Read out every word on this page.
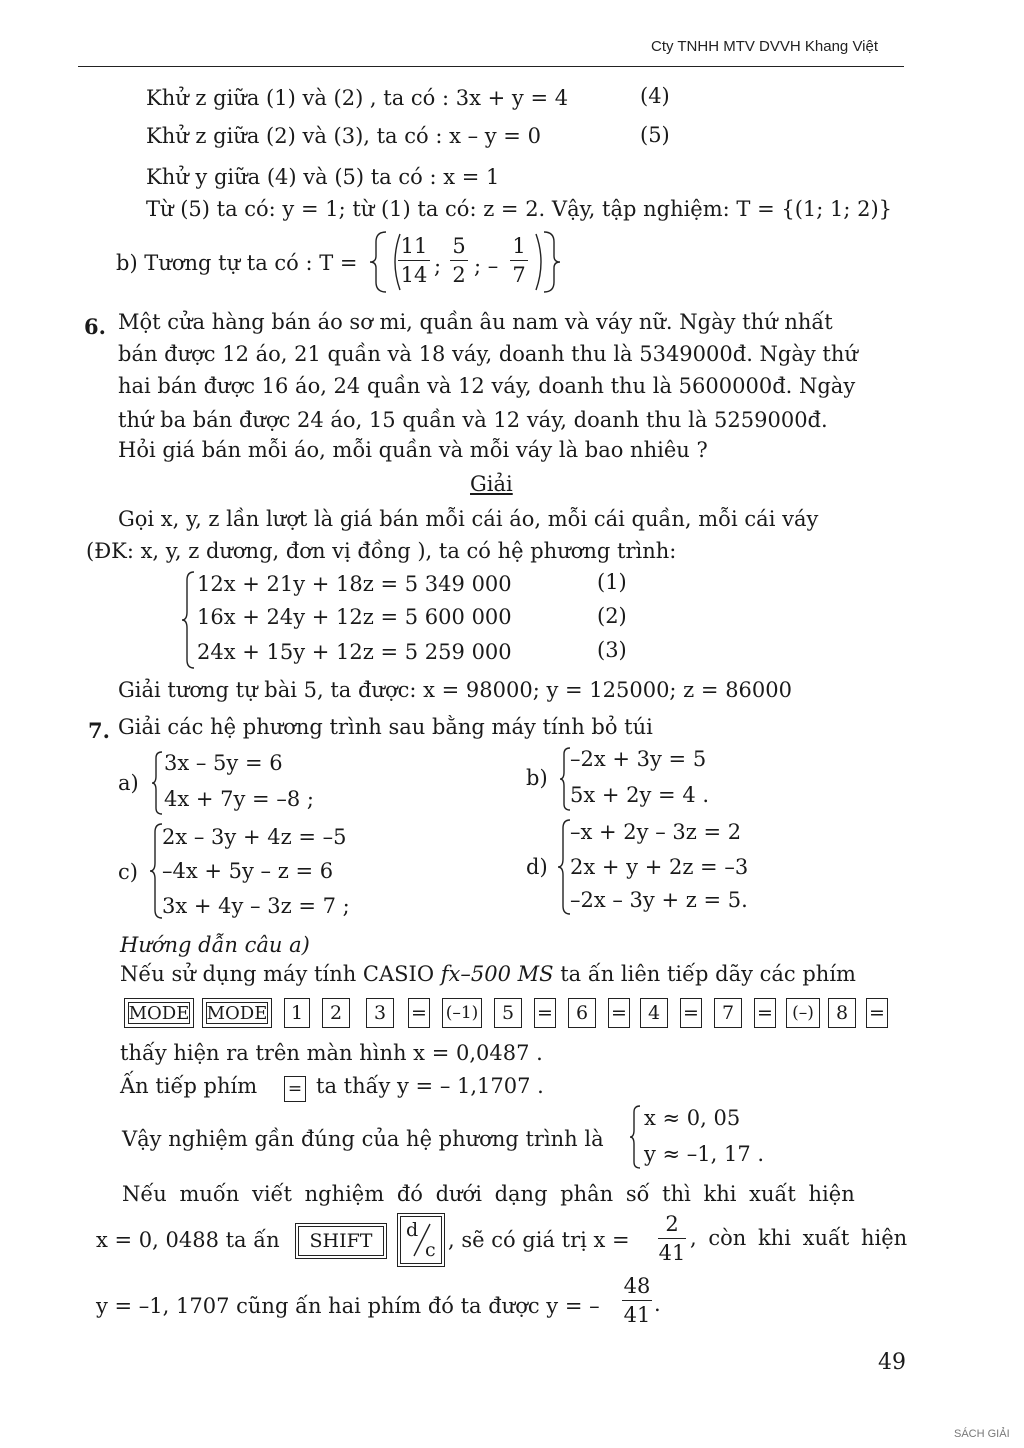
Cty TNHH MTV DVVH Khang Việt
Khử z giữa (1) và (2) , ta có : 3x + y = 4	(4)
Khử z giữa (2) và (3), ta có : x – y = 0	(5)
Khử y giữa (4) và (5) ta có : x = 1
Từ (5) ta có: y = 1; từ (1) ta có: z = 2. Vậy, tập nghiệm: T = {(1; 1; 2)}
b) Tương tự ta có : T =
11
14 ;
5
2 ; –
1
7
6. Một cửa hàng bán áo sơ mi, quần âu nam và váy nữ. Ngày thứ nhất
bán được 12 áo, 21 quần và 18 váy, doanh thu là 5349000đ. Ngày thứ
hai bán được 16 áo, 24 quần và 12 váy, doanh thu là 5600000đ. Ngày
thứ ba bán được 24 áo, 15 quần và 12 váy, doanh thu là 5259000đ.
Hỏi giá bán mỗi áo, mỗi quần và mỗi váy là bao nhiêu ?
Giải
Gọi x, y, z lần lượt là giá bán mỗi cái áo, mỗi cái quần, mỗi cái váy
(ĐK: x, y, z dương, đơn vị đồng ), ta có hệ phương trình:
12x + 21y + 18z = 5 349 000	(1)
16x + 24y + 12z = 5 600 000	(2)
24x + 15y + 12z = 5 259 000	(3)
Giải tương tự bài 5, ta được: x = 98000; y = 125000; z = 86000
7. Giải các hệ phương trình sau bằng máy tính bỏ túi
a)
3x – 5y = 6
4x + 7y = –8 ;
b)
–2x + 3y = 5
5x + 2y = 4 .
c)
2x – 3y + 4z = –5
–4x + 5y – z = 6
3x + 4y – 3z = 7 ;
d)
–x + 2y – 3z = 2
2x + y + 2z = –3
–2x – 3y + z = 5.
Hướng dẫn câu a)
Nếu sử dụng máy tính CASIO fx–500 MS ta ấn liên tiếp dãy các phím
MODE MODE	1	2	3	= (–1)	5	=	6	=	4	=	7	=	(–)	8	=
thấy hiện ra trên màn hình x = 0,0487 .
Ấn tiếp phím = ta thấy y = – 1,1707 .
Vậy nghiệm gần đúng của hệ phương trình là
x ≈ 0, 05
y ≈ –1, 17 .
Nếu muốn viết nghiệm đó dưới dạng phân số thì khi xuất hiện
x = 0, 0488 ta ấn	SHIFT	d
c , sẽ có giá trị x =
2
41
, còn khi xuất hiện
y = –1, 1707 cũng ấn hai phím đó ta được y = –
48
41 .
49
SÁCH GIẢI
